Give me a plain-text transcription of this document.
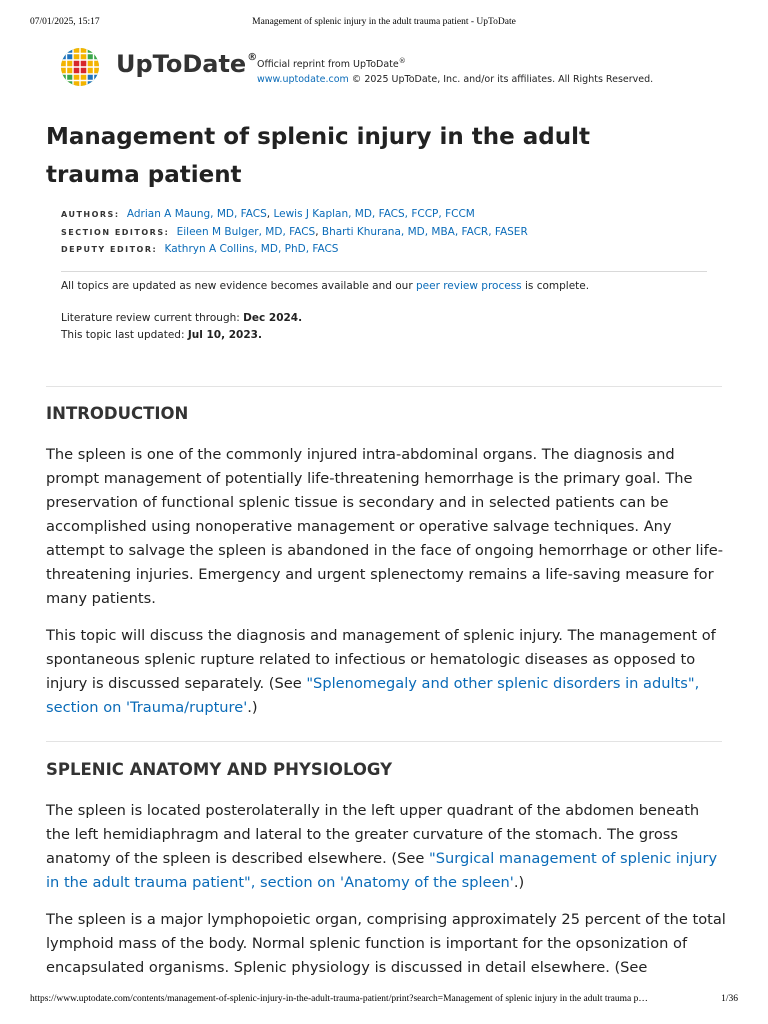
07/01/2025, 15:17	Management of splenic injury in the adult trauma patient - UpToDate
UpToDate®
Official reprint from UpToDate®
www.uptodate.com © 2025 UpToDate, Inc. and/or its affiliates. All Rights Reserved.
Management of splenic injury in the adult trauma patient
AUTHORS: Adrian A Maung, MD, FACS, Lewis J Kaplan, MD, FACS, FCCP, FCCM
SECTION EDITORS: Eileen M Bulger, MD, FACS, Bharti Khurana, MD, MBA, FACR, FASER
DEPUTY EDITOR: Kathryn A Collins, MD, PhD, FACS
All topics are updated as new evidence becomes available and our peer review process is complete.
Literature review current through: Dec 2024.
This topic last updated: Jul 10, 2023.
INTRODUCTION

The spleen is one of the commonly injured intra-abdominal organs. The diagnosis and prompt management of potentially life-threatening hemorrhage is the primary goal. The preservation of functional splenic tissue is secondary and in selected patients can be accomplished using nonoperative management or operative salvage techniques. Any attempt to salvage the spleen is abandoned in the face of ongoing hemorrhage or other life-threatening injuries. Emergency and urgent splenectomy remains a life-saving measure for many patients.

This topic will discuss the diagnosis and management of splenic injury. The management of spontaneous splenic rupture related to infectious or hematologic diseases as opposed to injury is discussed separately. (See "Splenomegaly and other splenic disorders in adults", section on 'Trauma/rupture'.)

SPLENIC ANATOMY AND PHYSIOLOGY

The spleen is located posterolaterally in the left upper quadrant of the abdomen beneath the left hemidiaphragm and lateral to the greater curvature of the stomach. The gross anatomy of the spleen is described elsewhere. (See "Surgical management of splenic injury in the adult trauma patient", section on 'Anatomy of the spleen'.)

The spleen is a major lymphopoietic organ, comprising approximately 25 percent of the total lymphoid mass of the body. Normal splenic function is important for the opsonization of encapsulated organisms. Splenic physiology is discussed in detail elsewhere. (See

https://www.uptodate.com/contents/management-of-splenic-injury-in-the-adult-trauma-patient/print?search=Management of splenic injury in the adult trauma p…	1/36
